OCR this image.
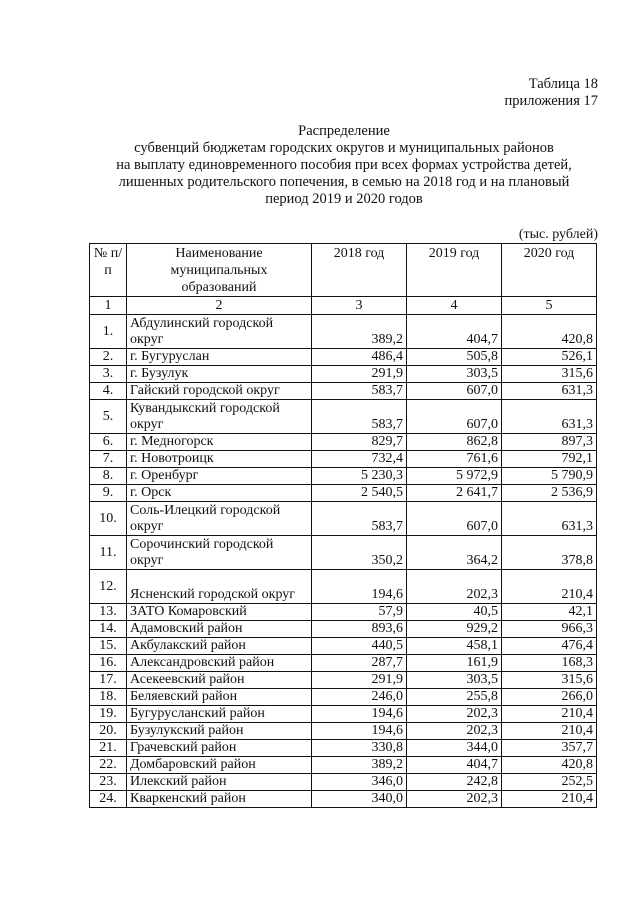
Таблица 18
приложения 17
Распределение
субвенций бюджетам городских округов и муниципальных районов
на выплату единовременного пособия при всех формах устройства детей,
лишенных родительского попечения, в семью на 2018 год и на плановый
период 2019 и 2020 годов
(тыс. рублей)
№ п/п	Наименование муниципальных образований	2018 год	2019 год	2020 год
1	2	3	4	5
1.	Абдулинский городской округ	389,2	404,7	420,8
2.	г. Бугуруслан	486,4	505,8	526,1
3.	г. Бузулук	291,9	303,5	315,6
4.	Гайский городской округ	583,7	607,0	631,3
5.	Кувандыкский городской округ	583,7	607,0	631,3
6.	г. Медногорск	829,7	862,8	897,3
7.	г. Новотроицк	732,4	761,6	792,1
8.	г. Оренбург	5 230,3	5 972,9	5 790,9
9.	г. Орск	2 540,5	2 641,7	2 536,9
10.	Соль-Илецкий городской округ	583,7	607,0	631,3
11.	Сорочинский городской округ	350,2	364,2	378,8
12.	Ясненский городской округ	194,6	202,3	210,4
13.	ЗАТО Комаровский	57,9	40,5	42,1
14.	Адамовский район	893,6	929,2	966,3
15.	Акбулакский район	440,5	458,1	476,4
16.	Александровский район	287,7	161,9	168,3
17.	Асекеевский район	291,9	303,5	315,6
18.	Беляевский район	246,0	255,8	266,0
19.	Бугурусланский район	194,6	202,3	210,4
20.	Бузулукский район	194,6	202,3	210,4
21.	Грачевский район	330,8	344,0	357,7
22.	Домбаровский район	389,2	404,7	420,8
23.	Илекский район	346,0	242,8	252,5
24.	Кваркенский район	340,0	202,3	210,4
